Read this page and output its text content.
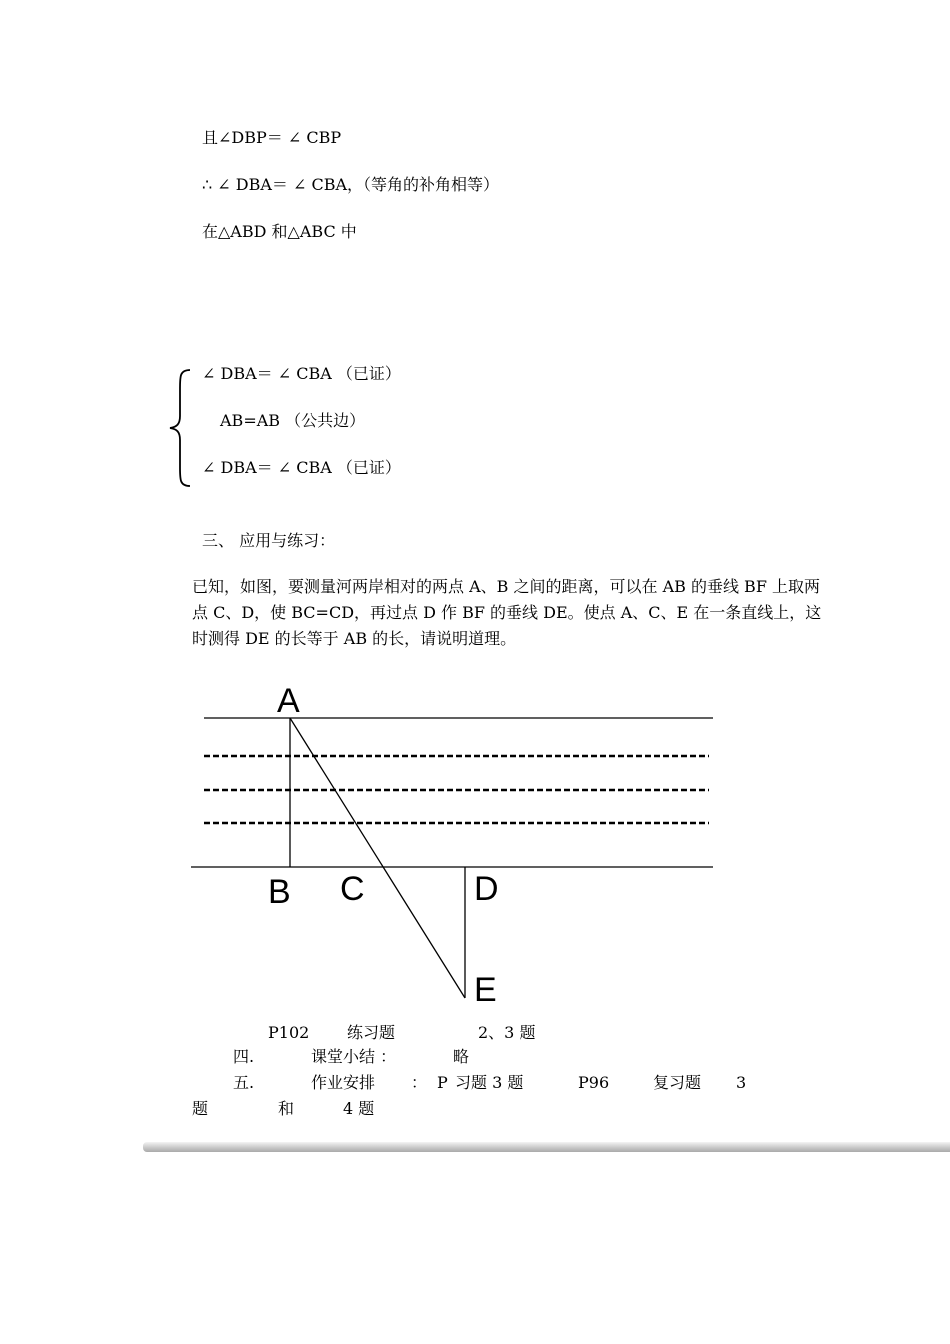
且∠DBP＝ ∠ CBP
∴ ∠ DBA＝ ∠ CBA，（等角的补角相等）
在△ABD 和△ABC 中
∠ DBA＝ ∠ CBA （已证）
AB=AB （公共边）
∠ DBA＝ ∠ CBA （已证）
三、 应用与练习：
已知，如图，要测量河两岸相对的两点 A、B 之间的距离，可以在 AB 的垂线 BF 上取两点 C、D，使 BC=CD，再过点 D 作 BF 的垂线 DE。使点 A、C、E 在一条直线上，这时测得 DE 的长等于 AB 的长，请说明道理。
A
B C	D
E
P102 练习题	2、3 题
四.	课堂小结 ：	略
五.	作业安排 ： P 习题 3 题	P96	复习题 3
题	和	4 题
